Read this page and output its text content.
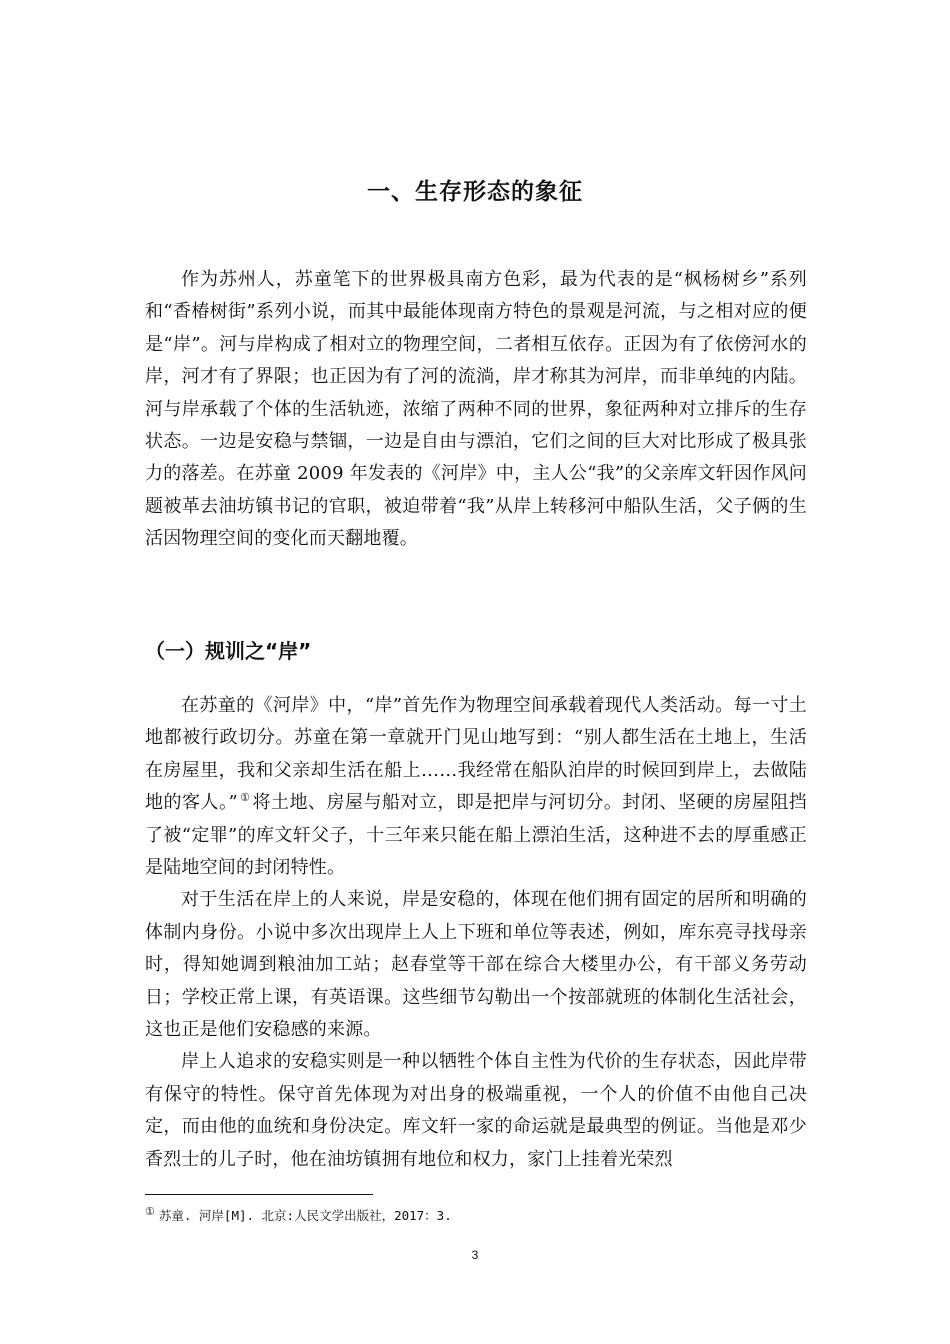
一、生存形态的象征

作为苏州人，苏童笔下的世界极具南方色彩，最为代表的是“枫杨树乡”系列和“香椿树街”系列小说，而其中最能体现南方特色的景观是河流，与之相对应的便是“岸”。河与岸构成了相对立的物理空间，二者相互依存。正因为有了依傍河水的岸，河才有了界限；也正因为有了河的流淌，岸才称其为河岸，而非单纯的内陆。河与岸承载了个体的生活轨迹，浓缩了两种不同的世界，象征两种对立排斥的生存状态。一边是安稳与禁锢，一边是自由与漂泊，它们之间的巨大对比形成了极具张力的落差。在苏童 2009 年发表的《河岸》中，主人公“我”的父亲库文轩因作风问题被革去油坊镇书记的官职，被迫带着“我”从岸上转移河中船队生活，父子俩的生活因物理空间的变化而天翻地覆。

（一）规训之“岸”

在苏童的《河岸》中，“岸”首先作为物理空间承载着现代人类活动。每一寸土地都被行政切分。苏童在第一章就开门见山地写到：“别人都生活在土地上，生活在房屋里，我和父亲却生活在船上……我经常在船队泊岸的时候回到岸上，去做陆地的客人。” ① 将土地、房屋与船对立，即是把岸与河切分。封闭、坚硬的房屋阻挡了被“定罪”的库文轩父子，十三年来只能在船上漂泊生活，这种进不去的厚重感正是陆地空间的封闭特性。

对于生活在岸上的人来说，岸是安稳的，体现在他们拥有固定的居所和明确的体制内身份。小说中多次出现岸上人上下班和单位等表述，例如，库东亮寻找母亲时，得知她调到粮油加工站；赵春堂等干部在综合大楼里办公，有干部义务劳动日；学校正常上课，有英语课。这些细节勾勒出一个按部就班的体制化生活社会，这也正是他们安稳感的来源。

岸上人追求的安稳实则是一种以牺牲个体自主性为代价的生存状态，因此岸带有保守的特性。保守首先体现为对出身的极端重视，一个人的价值不由他自己决定，而由他的血统和身份决定。库文轩一家的命运就是最典型的例证。当他是邓少香烈士的儿子时，他在油坊镇拥有地位和权力，家门上挂着光荣烈

① 苏童. 河岸[M]. 北京:人民文学出版社，2017：3.
3
